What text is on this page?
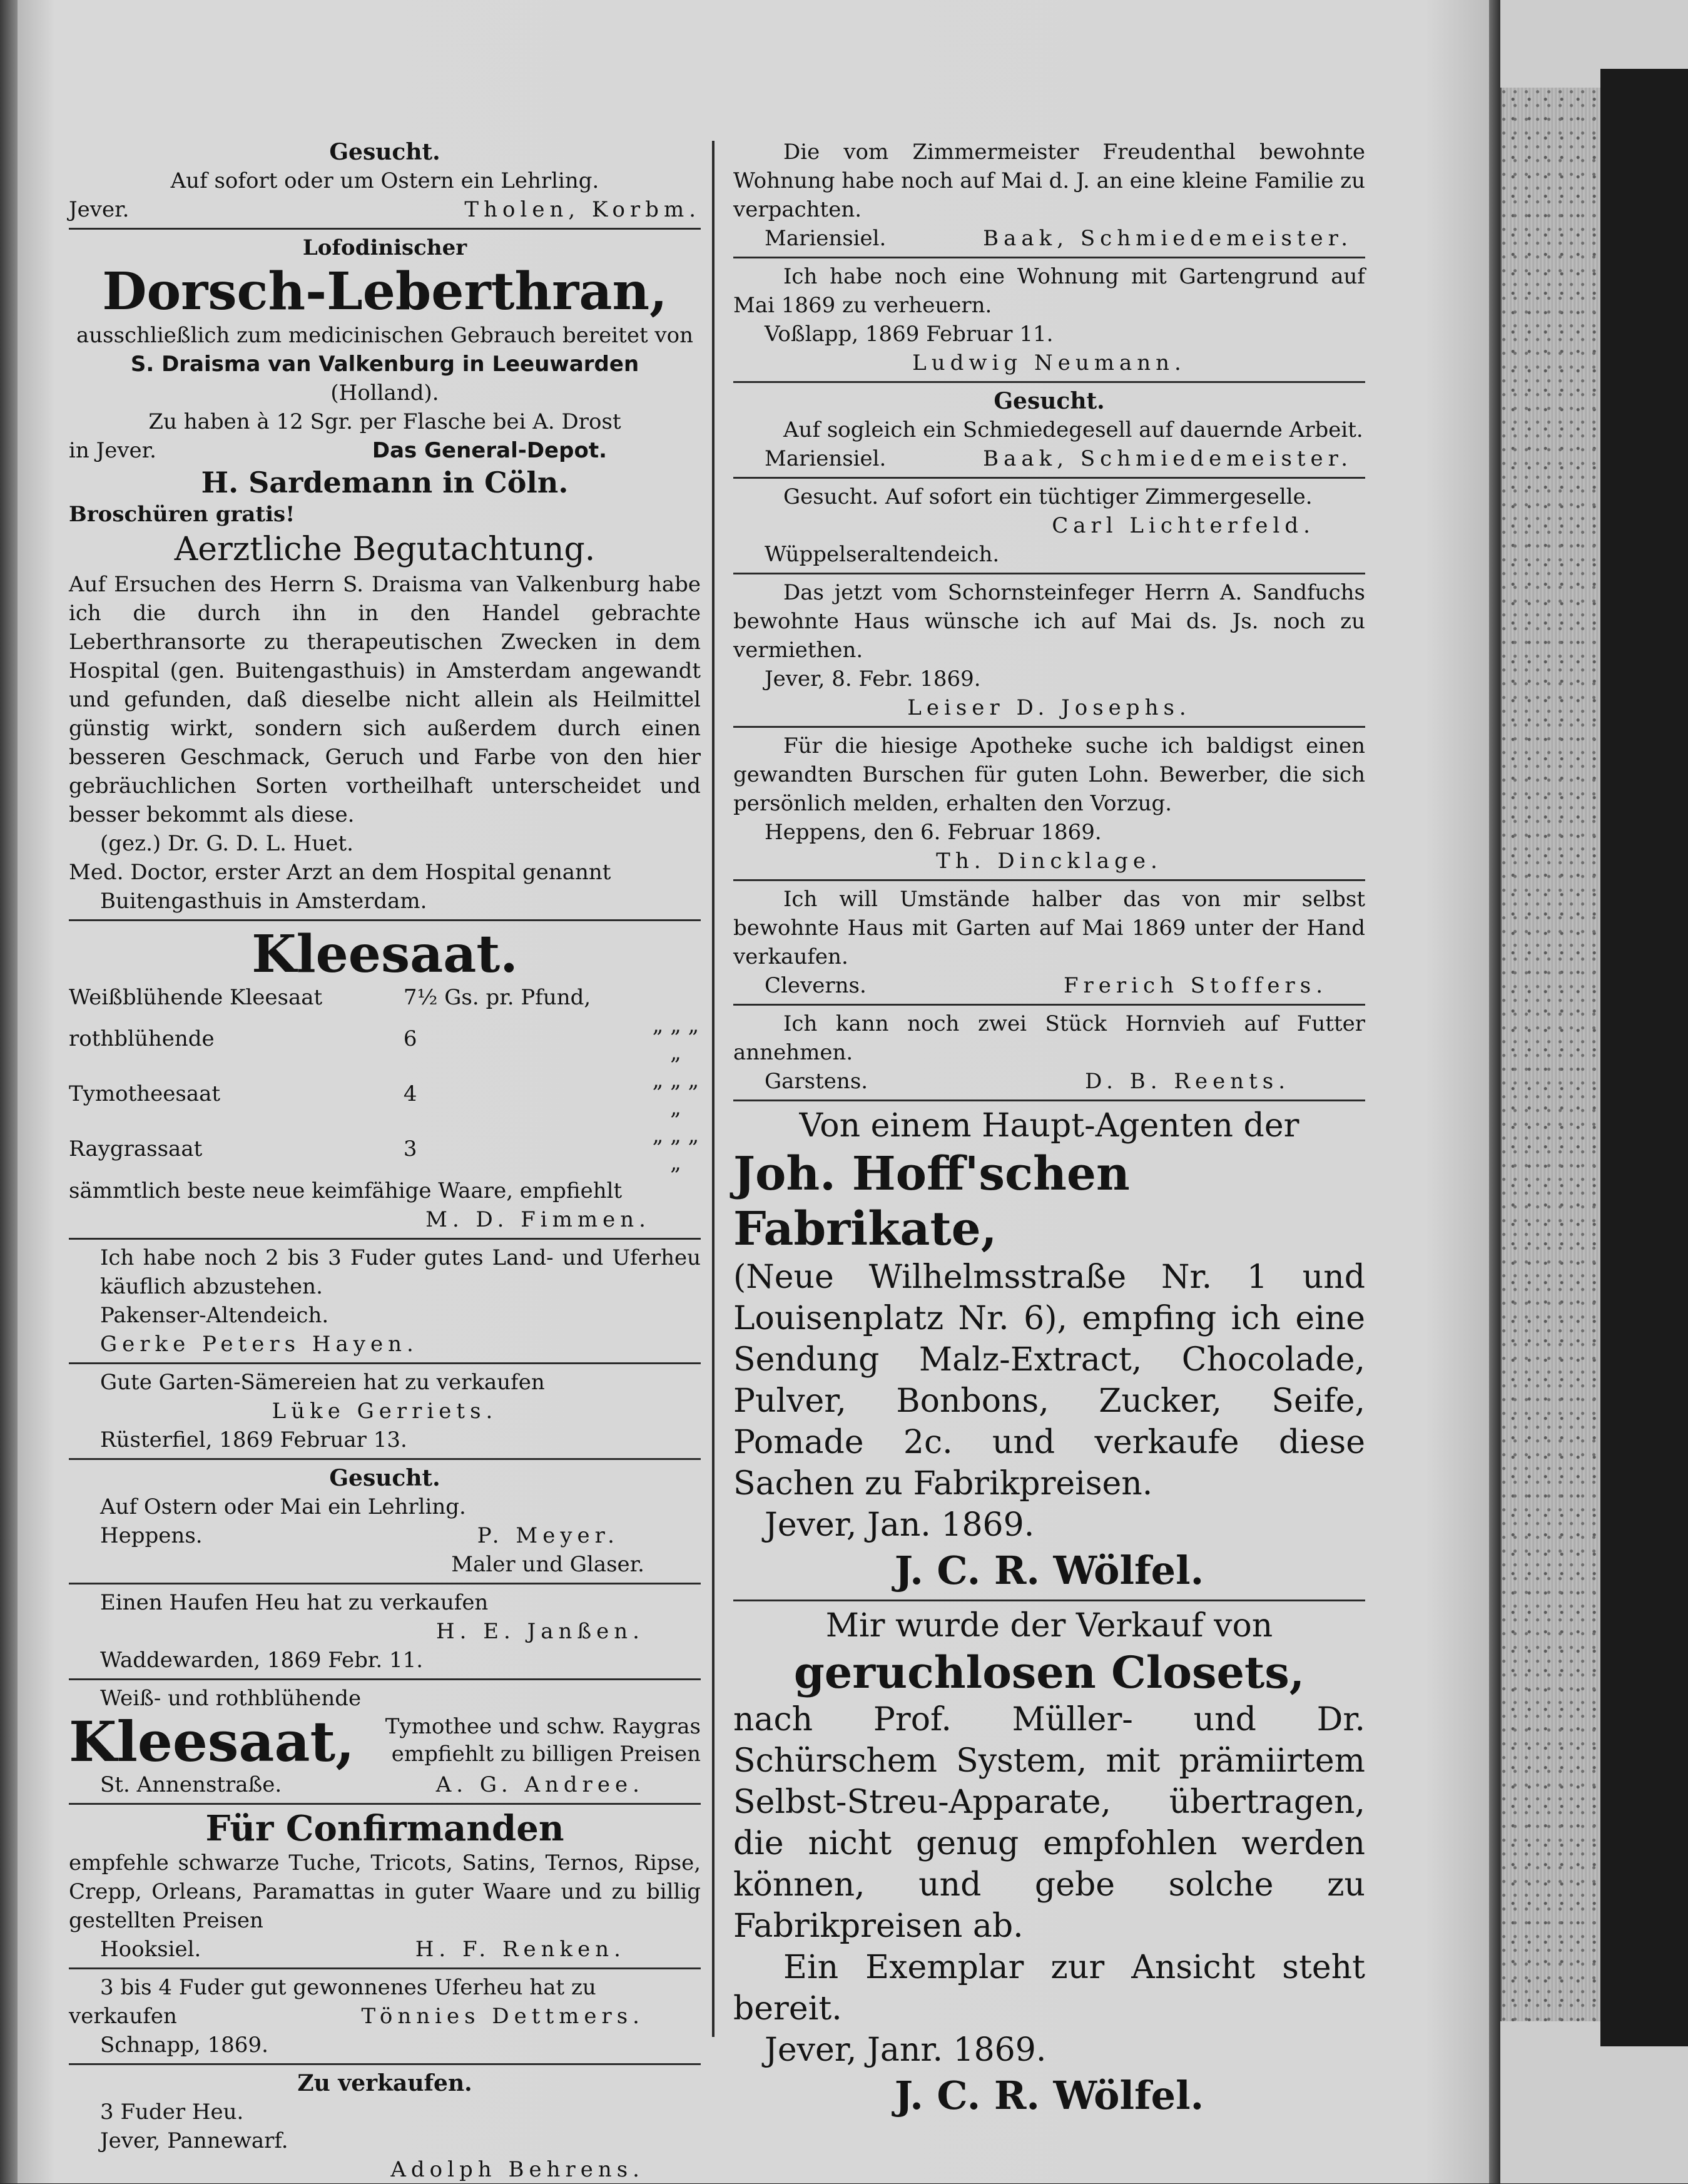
Gesucht.
Auf sofort oder um Ostern ein Lehrling.
Jever.	Tholen, Korbm.
Lofodinischer
Dorsch-Leberthran,
ausschließlich zum medicinischen Gebrauch bereitet von
S. Draisma van Valkenburg in Leeuwarden
(Holland).
Zu haben à 12 Sgr. per Flasche bei A. Drost
in Jever.	Das General-Depot.
H. Sardemann in Cöln.
Broschüren gratis!
Aerztliche Begutachtung.
Auf Ersuchen des Herrn S. Draisma van Valkenburg habe ich die durch ihn in den Handel gebrachte Leberthransorte zu therapeutischen Zwecken in dem Hospital (gen. Buitengasthuis) in Amsterdam angewandt und gefunden, daß dieselbe nicht allein als Heilmittel günstig wirkt, sondern sich außerdem durch einen besseren Geschmack, Geruch und Farbe von den hier gebräuchlichen Sorten vortheilhaft unterscheidet und besser bekommt als diese.
(gez.) Dr. G. D. L. Huet.
Med. Doctor, erster Arzt an dem Hospital genannt
Buitengasthuis in Amsterdam.
Kleesaat.
Weißblühende Kleesaat	7½ Gs. pr. Pfund,	
rothblühende	6	„ „ „ „
Tymotheesaat	4	„ „ „ „
Raygrassaat	3	„ „ „ „
sämmtlich beste neue keimfähige Waare, empfiehlt
M. D. Fimmen.
Ich habe noch 2 bis 3 Fuder gutes Land- und Uferheu käuflich abzustehen.
Pakenser-Altendeich.
Gerke Peters Hayen.
Gute Garten-Sämereien hat zu verkaufen
Lüke Gerriets.
Rüsterfiel, 1869 Februar 13.
Gesucht.
Auf Ostern oder Mai ein Lehrling.
Heppens.	P. Meyer.
Maler und Glaser.
Einen Haufen Heu hat zu verkaufen
H. E. Janßen.
Waddewarden, 1869 Febr. 11.
Weiß- und rothblühende
Kleesaat,	Tymothee und schw. Raygras
empfiehlt zu billigen Preisen
St. Annenstraße.	A. G. Andree.
Für Confirmanden
empfehle schwarze Tuche, Tricots, Satins, Ternos, Ripse, Crepp, Orleans, Paramattas in guter Waare und zu billig gestellten Preisen
Hooksiel.	H. F. Renken.
3 bis 4 Fuder gut gewonnenes Uferheu hat zu
verkaufen	Tönnies Dettmers.
Schnapp, 1869.
Zu verkaufen.
3 Fuder Heu.
Jever, Pannewarf.
Adolph Behrens.
Die vom Zimmermeister Freudenthal bewohnte Wohnung habe noch auf Mai d. J. an eine kleine Familie zu verpachten.
Mariensiel.	Baak, Schmiedemeister.
Ich habe noch eine Wohnung mit Gartengrund auf Mai 1869 zu verheuern.
Voßlapp, 1869 Februar 11.
Ludwig Neumann.
Gesucht.
Auf sogleich ein Schmiedegesell auf dauernde Arbeit.
Mariensiel.	Baak, Schmiedemeister.
Gesucht. Auf sofort ein tüchtiger Zimmergeselle.
Carl Lichterfeld.
Wüppelseraltendeich.
Das jetzt vom Schornsteinfeger Herrn A. Sandfuchs bewohnte Haus wünsche ich auf Mai ds. Js. noch zu vermiethen.
Jever, 8. Febr. 1869.
Leiser D. Josephs.
Für die hiesige Apotheke suche ich baldigst einen gewandten Burschen für guten Lohn. Bewerber, die sich persönlich melden, erhalten den Vorzug.
Heppens, den 6. Februar 1869.
Th. Dincklage.
Ich will Umstände halber das von mir selbst bewohnte Haus mit Garten auf Mai 1869 unter der Hand verkaufen.
Cleverns.	Frerich Stoffers.
Ich kann noch zwei Stück Hornvieh auf Futter annehmen.
Garstens.	D. B. Reents.
Von einem Haupt-Agenten der
Joh. Hoff'schen Fabrikate,
(Neue Wilhelmsstraße Nr. 1 und Louisenplatz Nr. 6), empfing ich eine Sendung Malz-Extract, Chocolade, Pulver, Bonbons, Zucker, Seife, Pomade 2c. und verkaufe diese Sachen zu Fabrikpreisen.
Jever, Jan. 1869.
J. C. R. Wölfel.
Mir wurde der Verkauf von
geruchlosen Closets,
nach Prof. Müller- und Dr. Schürschem System, mit prämiirtem Selbst-Streu-Apparate, übertragen, die nicht genug empfohlen werden können, und gebe solche zu Fabrikpreisen ab.
Ein Exemplar zur Ansicht steht bereit.
Jever, Janr. 1869.
J. C. R. Wölfel.
